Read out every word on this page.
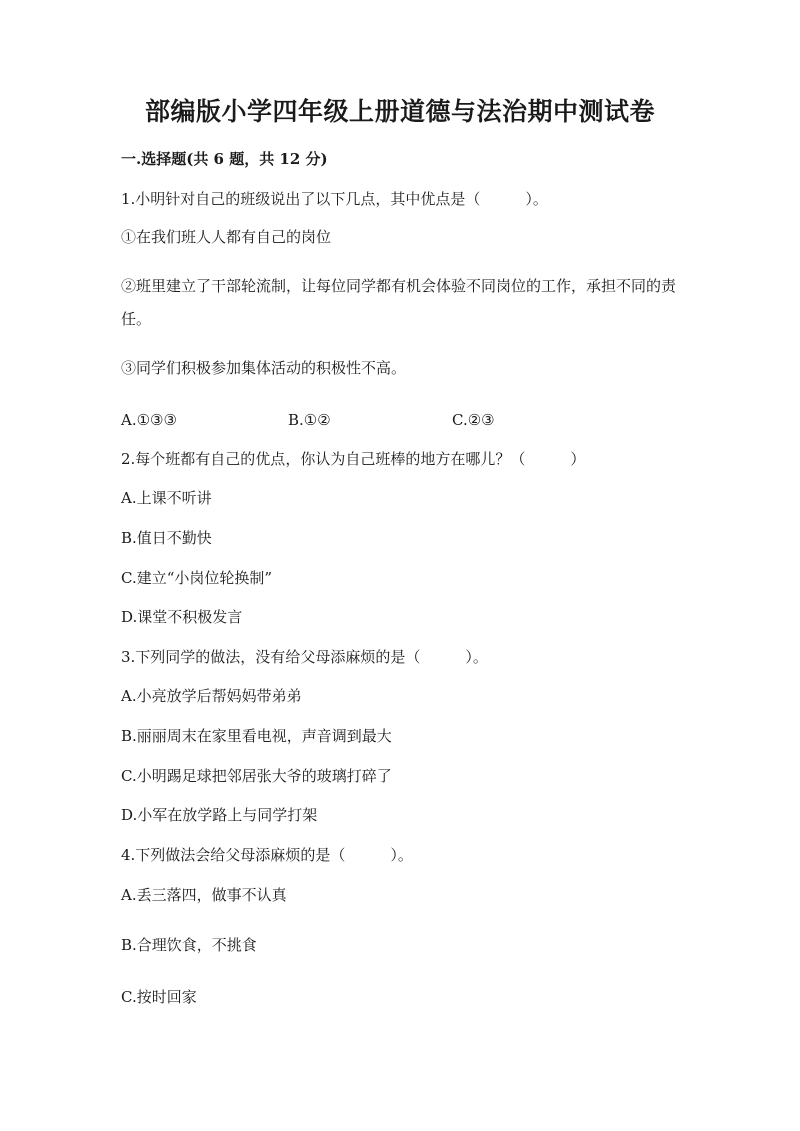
部编版小学四年级上册道德与法治期中测试卷
一.选择题(共 6 题，共 12 分)
1.小明针对自己的班级说出了以下几点，其中优点是（　　　）。
①在我们班人人都有自己的岗位
②班里建立了干部轮流制，让每位同学都有机会体验不同岗位的工作，承担不同的责任。
③同学们积极参加集体活动的积极性不高。
A.①③③	B.①②	C.②③
2.每个班都有自己的优点，你认为自己班棒的地方在哪儿？（　　　）
A.上课不听讲
B.值日不勤快
C.建立“小岗位轮换制”
D.课堂不积极发言
3.下列同学的做法，没有给父母添麻烦的是（　　　）。
A.小亮放学后帮妈妈带弟弟
B.丽丽周末在家里看电视，声音调到最大
C.小明踢足球把邻居张大爷的玻璃打碎了
D.小军在放学路上与同学打架
4.下列做法会给父母添麻烦的是（　　　）。
A.丢三落四，做事不认真
B.合理饮食，不挑食
C.按时回家
